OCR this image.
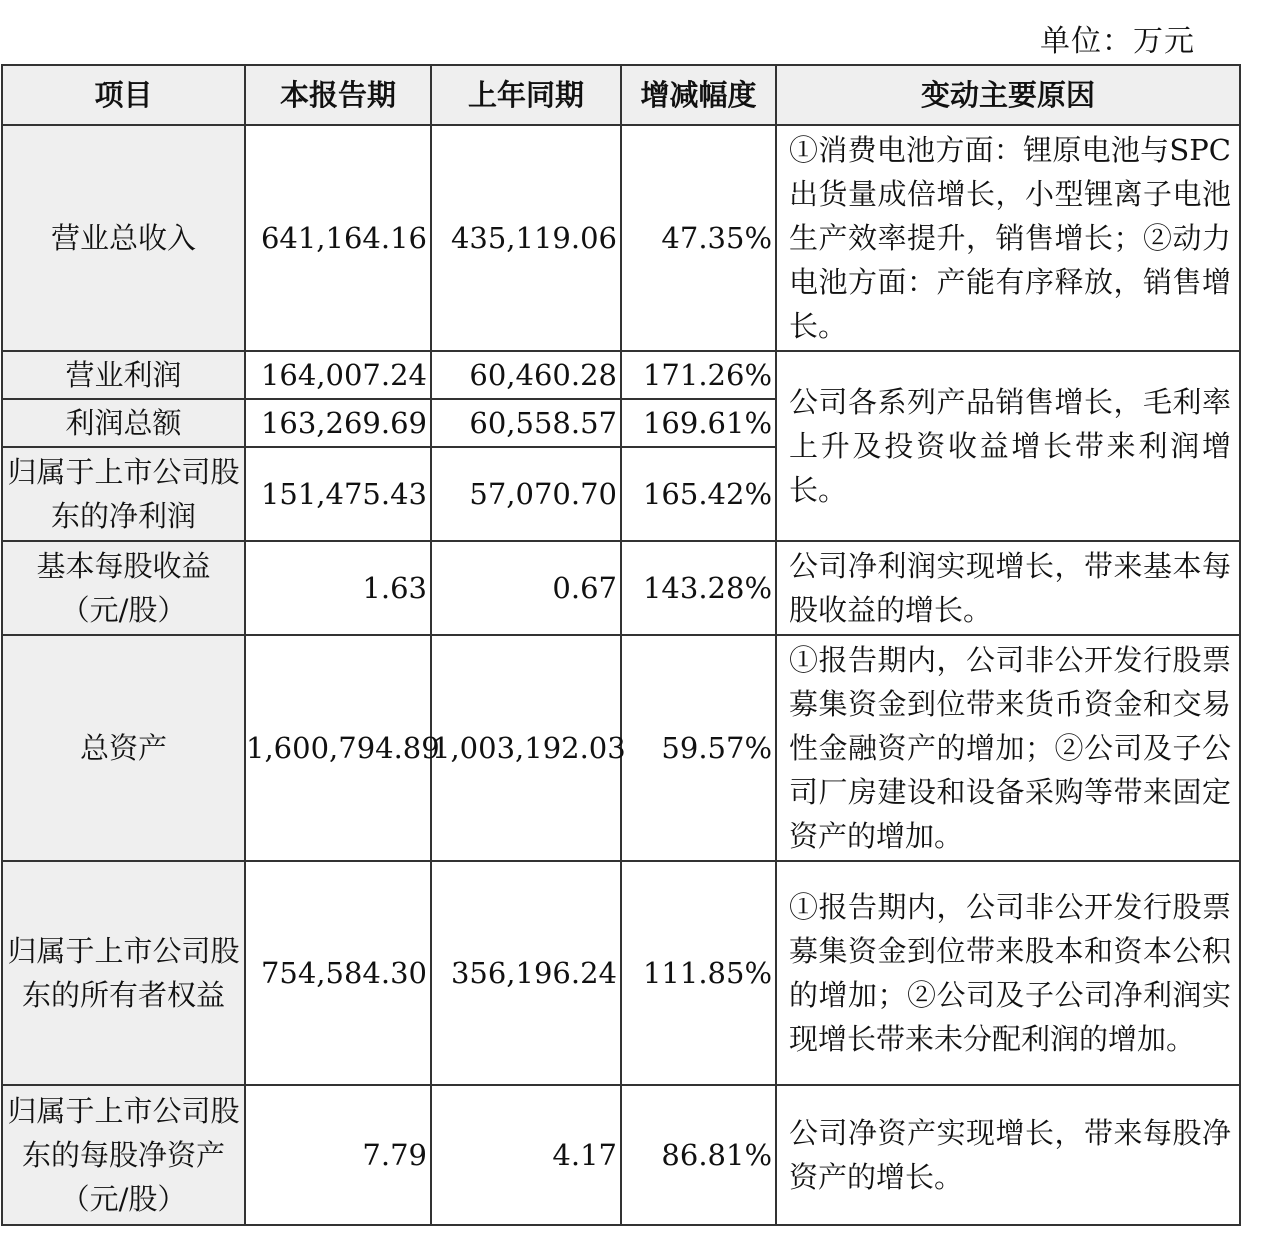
单位：万元
项目	本报告期	上年同期	增减幅度	变动主要原因
营业总收入	641,164.16	435,119.06	47.35%	①消费电池方面：锂原电池与SPC 出货量成倍增长，小型锂离子电池生产效率提升，销售增长；②动力电池方面：产能有序释放，销售增长。
营业利润	164,007.24	60,460.28	171.26%	公司各系列产品销售增长，毛利率上升及投资收益增长带来利润增长。
利润总额	163,269.69	60,558.57	169.61%	
归属于上市公司股东的净利润	151,475.43	57,070.70	165.42%	
基本每股收益（元/股）	1.63	0.67	143.28%	公司净利润实现增长，带来基本每股收益的增长。
总资产	1,600,794.89	1,003,192.03	59.57%	①报告期内，公司非公开发行股票募集资金到位带来货币资金和交易性金融资产的增加；②公司及子公司厂房建设和设备采购等带来固定资产的增加。
归属于上市公司股东的所有者权益	754,584.30	356,196.24	111.85%	①报告期内，公司非公开发行股票募集资金到位带来股本和资本公积的增加；②公司及子公司净利润实现增长带来未分配利润的增加。
归属于上市公司股东的每股净资产（元/股）	7.79	4.17	86.81%	公司净资产实现增长，带来每股净资产的增长。
